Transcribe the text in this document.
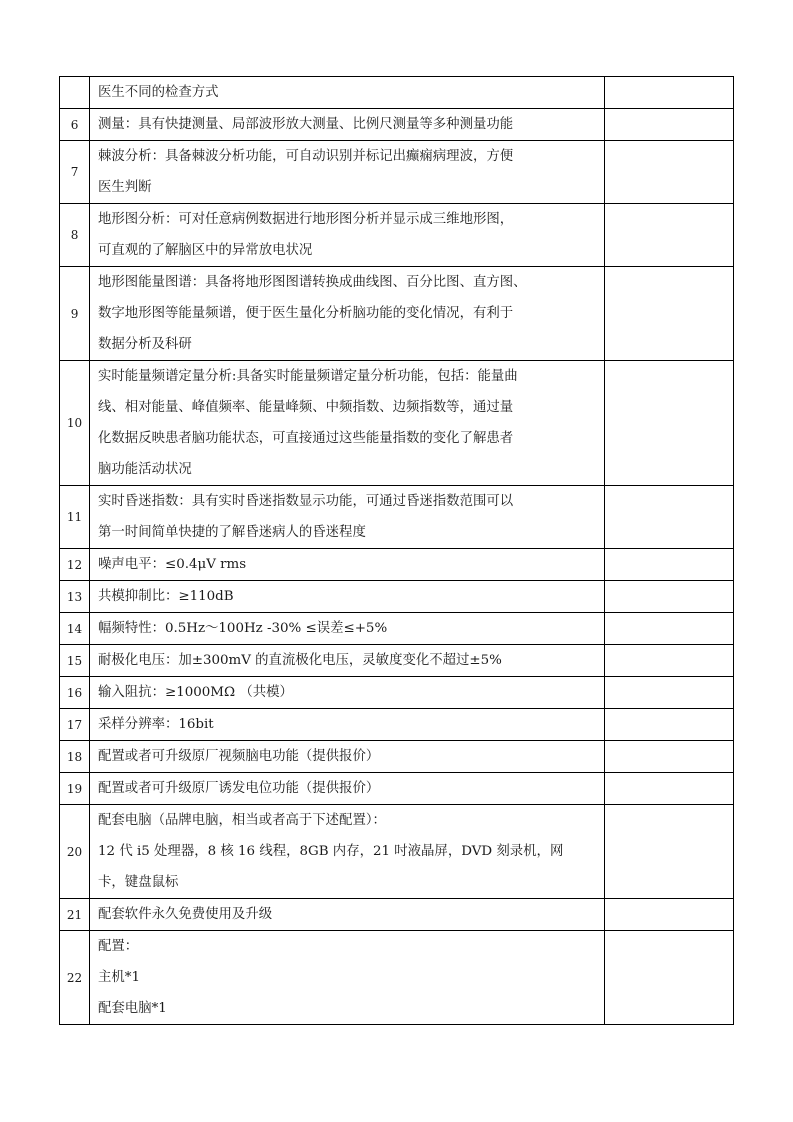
	医生不同的检查方式	

6	测量：具有快捷测量、局部波形放大测量、比例尺测量等多种测量功能	

7	棘波分析：具备棘波分析功能，可自动识别并标记出癫痫病理波，方便
医生判断	

8	地形图分析：可对任意病例数据进行地形图分析并显示成三维地形图，
可直观的了解脑区中的异常放电状况	

9	地形图能量图谱：具备将地形图图谱转换成曲线图、百分比图、直方图、
数字地形图等能量频谱，便于医生量化分析脑功能的变化情况，有利于
数据分析及科研	

10	实时能量频谱定量分析:具备实时能量频谱定量分析功能，包括：能量曲
线、相对能量、峰值频率、能量峰频、中频指数、边频指数等，通过量
化数据反映患者脑功能状态，可直接通过这些能量指数的变化了解患者
脑功能活动状况	

11	实时昏迷指数：具有实时昏迷指数显示功能，可通过昏迷指数范围可以
第一时间简单快捷的了解昏迷病人的昏迷程度	

12	噪声电平：≤0.4μV rms	

13	共模抑制比：≥110dB	

14	幅频特性：0.5Hz～100Hz -30% ≤误差≤+5%	

15	耐极化电压：加±300mV 的直流极化电压，灵敏度变化不超过±5%	

16	输入阻抗：≥1000MΩ （共模）	

17	采样分辨率：16bit	

18	配置或者可升级原厂视频脑电功能（提供报价）	

19	配置或者可升级原厂诱发电位功能（提供报价）	

20	配套电脑（品牌电脑，相当或者高于下述配置）：
12 代 i5 处理器，8 核 16 线程，8GB 内存，21 吋液晶屏，DVD 刻录机，网
卡，键盘鼠标	

21	配套软件永久免费使用及升级	

22	配置：
主机*1
配套电脑*1	
